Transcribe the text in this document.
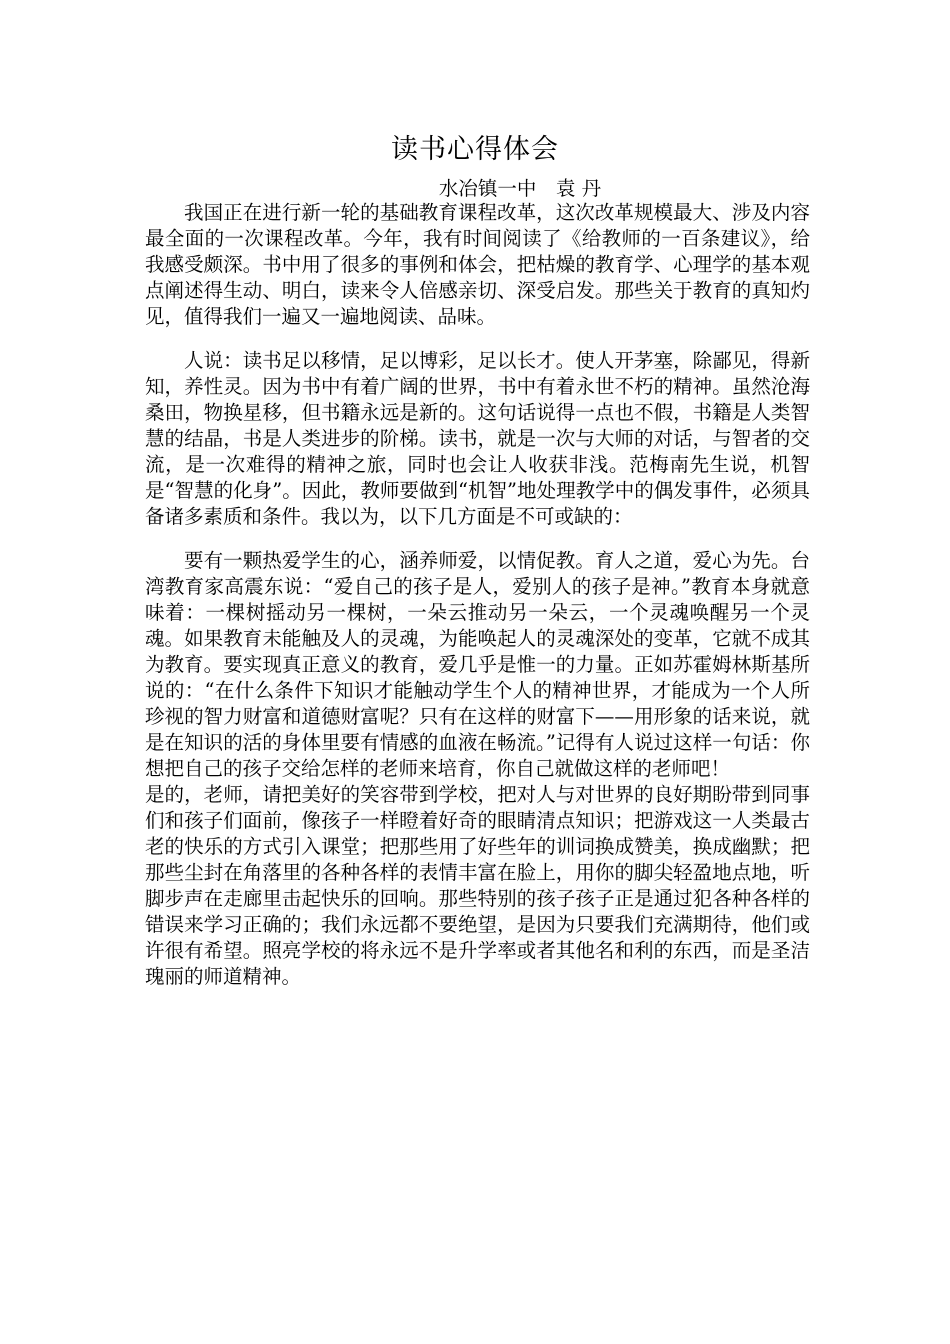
读书心得体会
水冶镇一中　袁 丹

我国正在进行新一轮的基础教育课程改革，这次改革规模最大、涉及内容最全面的一次课程改革。今年，我有时间阅读了《给教师的一百条建议》，给我感受颇深。书中用了很多的事例和体会，把枯燥的教育学、心理学的基本观点阐述得生动、明白，读来令人倍感亲切、深受启发。那些关于教育的真知灼见，值得我们一遍又一遍地阅读、品味。

人说：读书足以移情，足以博彩，足以长才。使人开茅塞，除鄙见，得新知，养性灵。因为书中有着广阔的世界，书中有着永世不朽的精神。虽然沧海桑田，物换星移，但书籍永远是新的。这句话说得一点也不假，书籍是人类智慧的结晶，书是人类进步的阶梯。读书，就是一次与大师的对话，与智者的交流，是一次难得的精神之旅，同时也会让人收获非浅。范梅南先生说，机智是“智慧的化身”。因此，教师要做到“机智”地处理教学中的偶发事件，必须具备诸多素质和条件。我以为，以下几方面是不可或缺的：

要有一颗热爱学生的心，涵养师爱，以情促教。育人之道，爱心为先。台湾教育家高震东说：“爱自己的孩子是人，爱别人的孩子是神。”教育本身就意味着：一棵树摇动另一棵树，一朵云推动另一朵云，一个灵魂唤醒另一个灵魂。如果教育未能触及人的灵魂，为能唤起人的灵魂深处的变革，它就不成其为教育。要实现真正意义的教育，爱几乎是惟一的力量。正如苏霍姆林斯基所说的：“在什么条件下知识才能触动学生个人的精神世界，才能成为一个人所珍视的智力财富和道德财富呢？只有在这样的财富下——用形象的话来说，就是在知识的活的身体里要有情感的血液在畅流。”记得有人说过这样一句话：你想把自己的孩子交给怎样的老师来培育，你自己就做这样的老师吧！

是的，老师，请把美好的笑容带到学校，把对人与对世界的良好期盼带到同事们和孩子们面前，像孩子一样瞪着好奇的眼睛清点知识；把游戏这一人类最古老的快乐的方式引入课堂；把那些用了好些年的训词换成赞美，换成幽默；把那些尘封在角落里的各种各样的表情丰富在脸上，用你的脚尖轻盈地点地，听脚步声在走廊里击起快乐的回响。那些特别的孩子孩子正是通过犯各种各样的错误来学习正确的；我们永远都不要绝望，是因为只要我们充满期待，他们或许很有希望。照亮学校的将永远不是升学率或者其他名和利的东西，而是圣洁瑰丽的师道精神。
